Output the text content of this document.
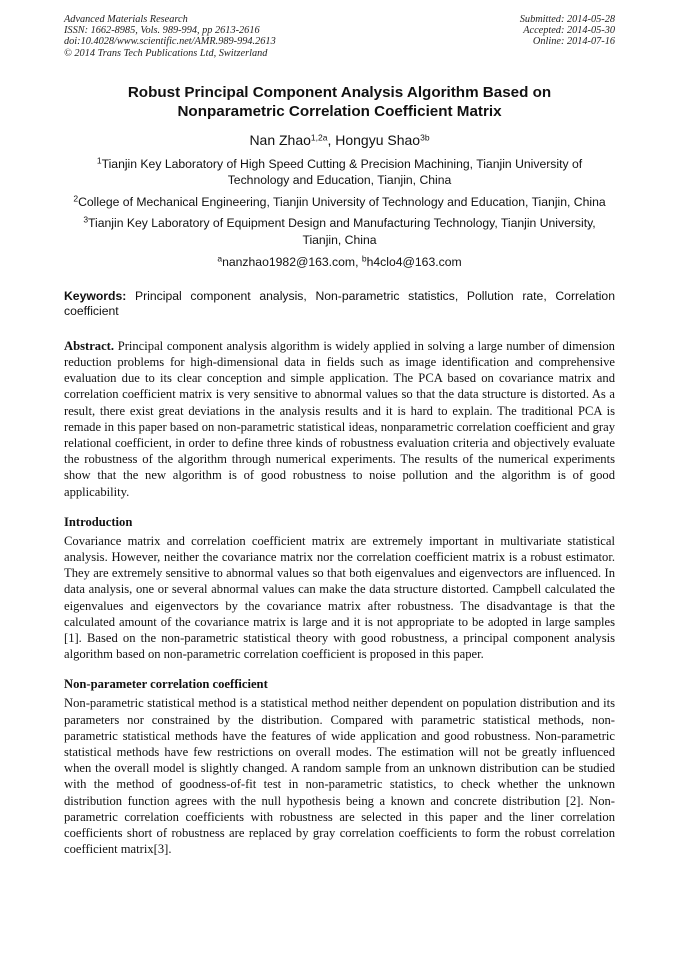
Advanced Materials Research
ISSN: 1662-8985, Vols. 989-994, pp 2613-2616
doi:10.4028/www.scientific.net/AMR.989-994.2613
© 2014 Trans Tech Publications Ltd, Switzerland
Submitted: 2014-05-28
Accepted: 2014-05-30
Online: 2014-07-16
Robust Principal Component Analysis Algorithm Based on
Nonparametric Correlation Coefficient Matrix
Nan Zhao$^{1,2a}$, Hongyu Shao$^{3b}$
$^1$Tianjin Key Laboratory of High Speed Cutting & Precision Machining, Tianjin University of
Technology and Education, Tianjin, China
$^2$College of Mechanical Engineering, Tianjin University of Technology and Education, Tianjin, China
$^3$Tianjin Key Laboratory of Equipment Design and Manufacturing Technology, Tianjin University,
Tianjin, China
$^a$nanzhao1982@163.com, $^b$h4clo4@163.com
Keywords: Principal component analysis, Non-parametric statistics, Pollution rate, Correlation coefficient
Abstract. Principal component analysis algorithm is widely applied in solving a large number of dimension reduction problems for high-dimensional data in fields such as image identification and comprehensive evaluation due to its clear conception and simple application. The PCA based on covariance matrix and correlation coefficient matrix is very sensitive to abnormal values so that the data structure is distorted. As a result, there exist great deviations in the analysis results and it is hard to explain. The traditional PCA is remade in this paper based on non-parametric statistical ideas, nonparametric correlation coefficient and gray relational coefficient, in order to define three kinds of robustness evaluation criteria and objectively evaluate the robustness of the algorithm through numerical experiments. The results of the numerical experiments show that the new algorithm is of good robustness to noise pollution and the algorithm is of good applicability.
Introduction
Covariance matrix and correlation coefficient matrix are extremely important in multivariate statistical analysis. However, neither the covariance matrix nor the correlation coefficient matrix is a robust estimator. They are extremely sensitive to abnormal values so that both eigenvalues and eigenvectors are influenced. In data analysis, one or several abnormal values can make the data structure distorted. Campbell calculated the eigenvalues and eigenvectors by the covariance matrix after robustness. The disadvantage is that the calculated amount of the covariance matrix is large and it is not appropriate to be adopted in large samples [1]. Based on the non-parametric statistical theory with good robustness, a principal component analysis algorithm based on non-parametric correlation coefficient is proposed in this paper.
Non-parameter correlation coefficient
Non-parametric statistical method is a statistical method neither dependent on population distribution and its parameters nor constrained by the distribution. Compared with parametric statistical methods, non-parametric statistical methods have the features of wide application and good robustness. Non-parametric statistical methods have few restrictions on overall modes. The estimation will not be greatly influenced when the overall model is slightly changed. A random sample from an unknown distribution can be studied with the method of goodness-of-fit test in non-parametric statistics, to check whether the unknown distribution function agrees with the null hypothesis being a known and concrete distribution [2]. Non-parametric correlation coefficients with robustness are selected in this paper and the liner correlation coefficients short of robustness are replaced by gray correlation coefficients to form the robust correlation coefficient matrix[3].
